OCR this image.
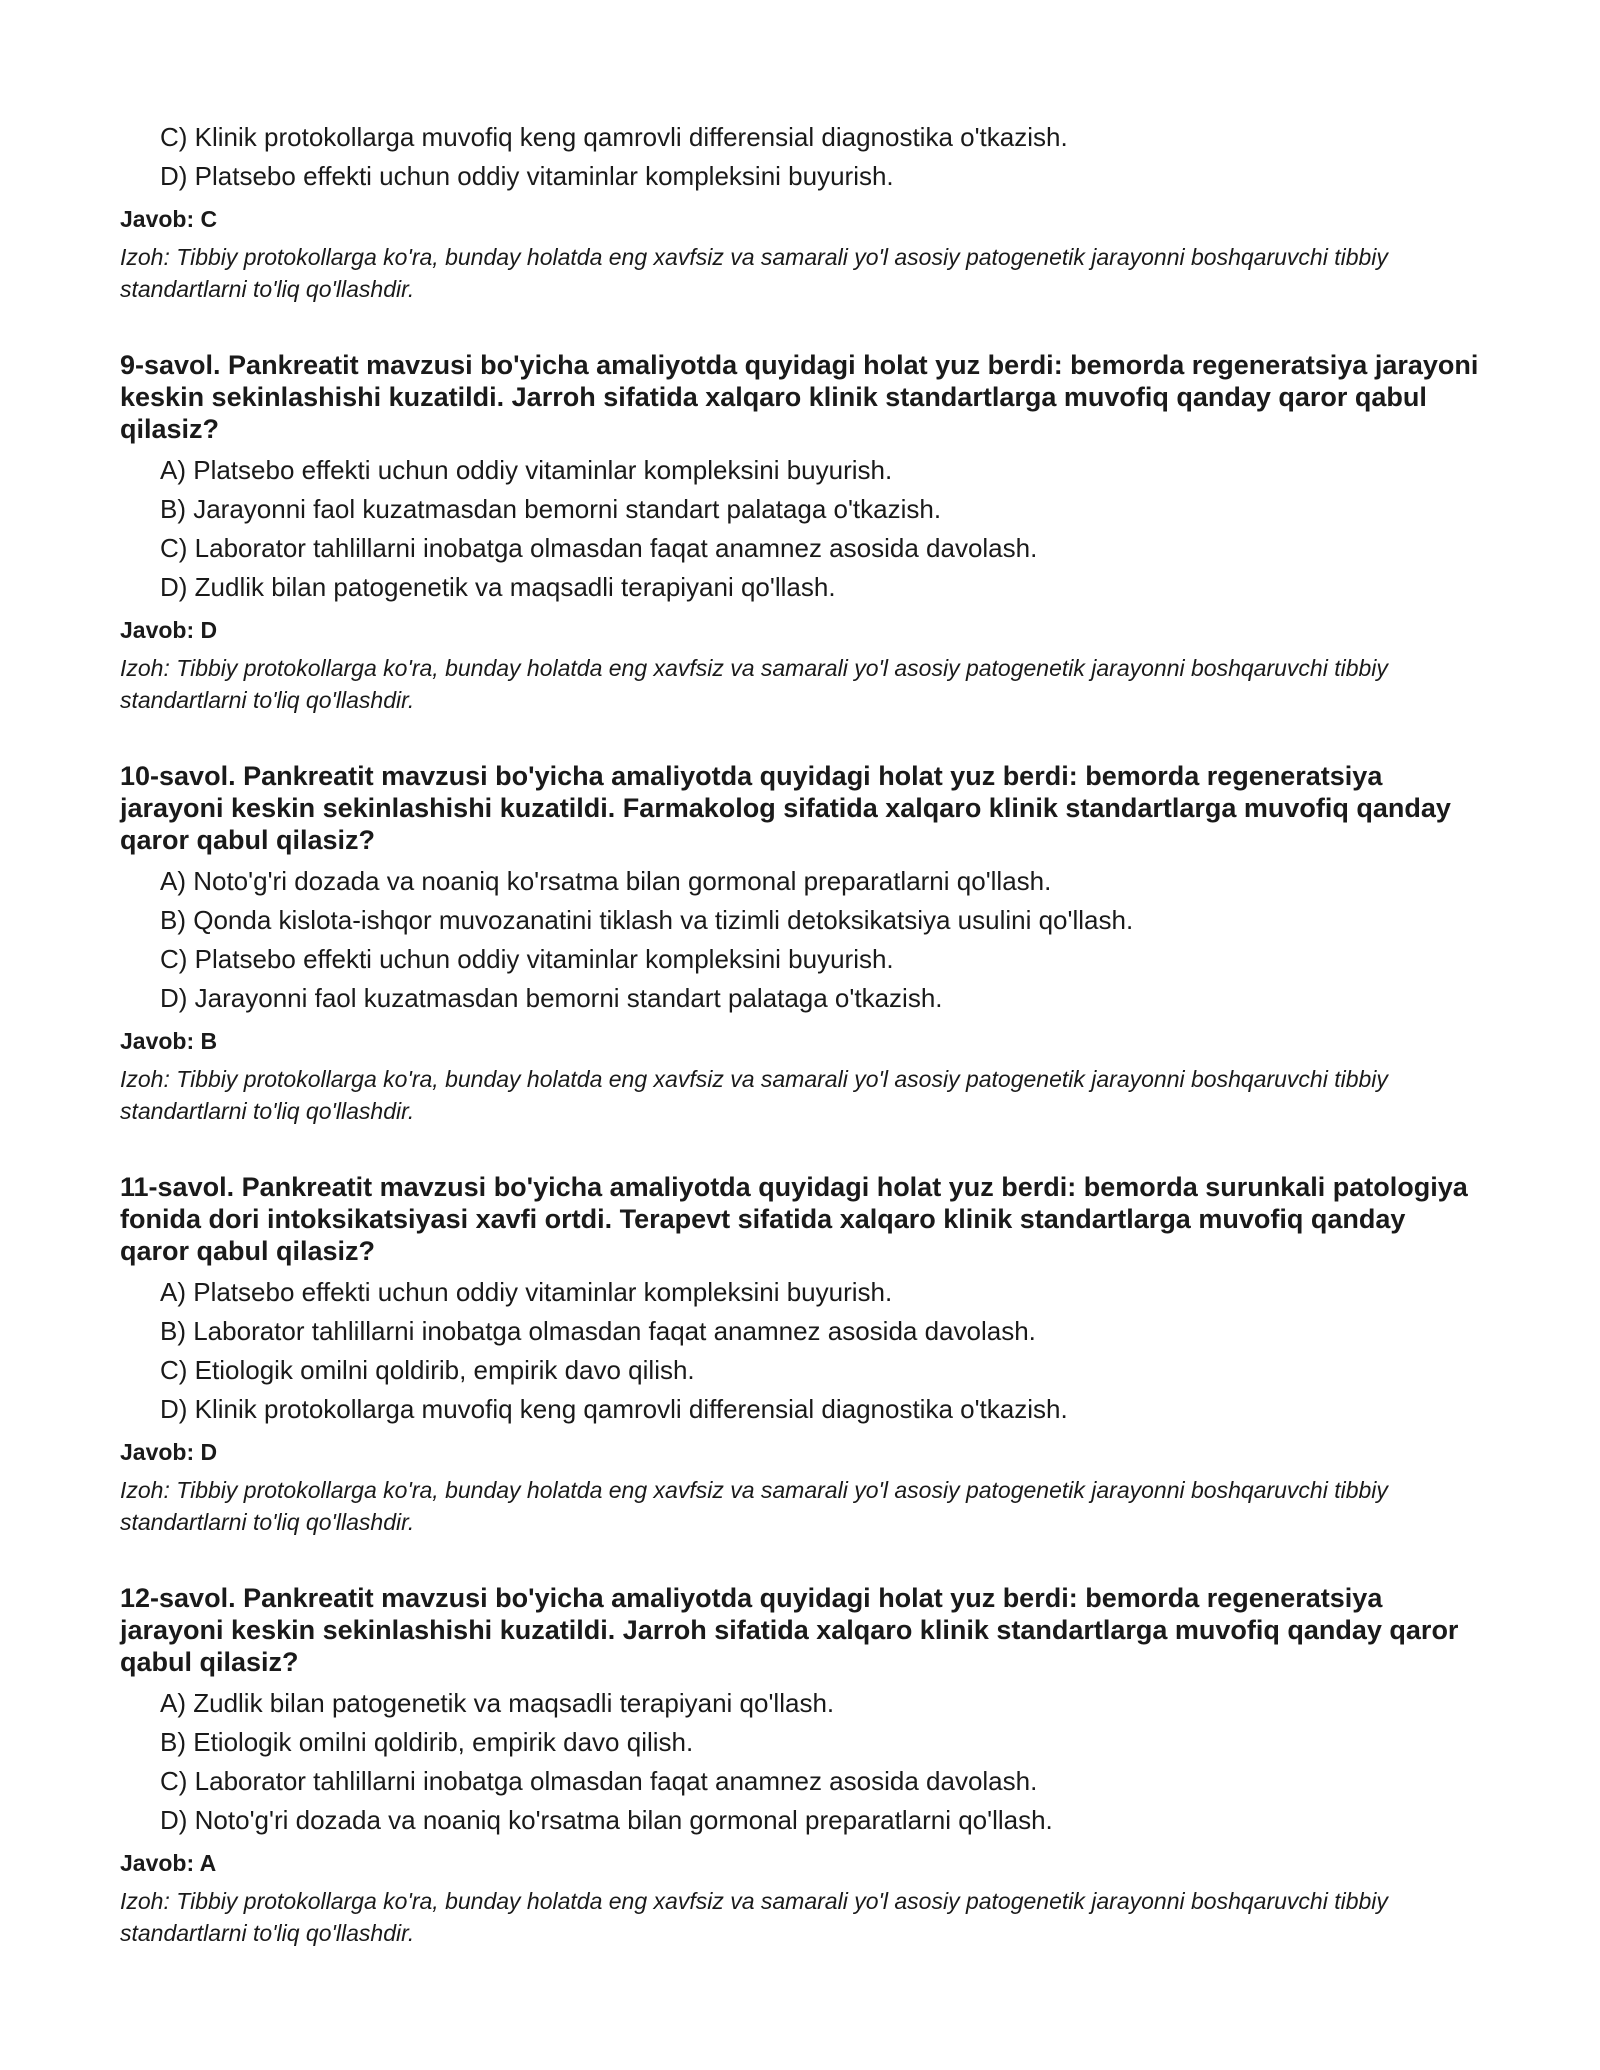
C) Klinik protokollarga muvofiq keng qamrovli differensial diagnostika o'tkazish.
D) Platsebo effekti uchun oddiy vitaminlar kompleksini buyurish.

Javob: C

Izoh: Tibbiy protokollarga ko'ra, bunday holatda eng xavfsiz va samarali yo'l asosiy patogenetik jarayonni boshqaruvchi tibbiy standartlarni to'liq qo'llashdir.

9-savol. Pankreatit mavzusi bo'yicha amaliyotda quyidagi holat yuz berdi: bemorda regeneratsiya jarayoni keskin sekinlashishi kuzatildi. Jarroh sifatida xalqaro klinik standartlarga muvofiq qanday qaror qabul qilasiz?

A) Platsebo effekti uchun oddiy vitaminlar kompleksini buyurish.
B) Jarayonni faol kuzatmasdan bemorni standart palataga o'tkazish.
C) Laborator tahlillarni inobatga olmasdan faqat anamnez asosida davolash.
D) Zudlik bilan patogenetik va maqsadli terapiyani qo'llash.

Javob: D

Izoh: Tibbiy protokollarga ko'ra, bunday holatda eng xavfsiz va samarali yo'l asosiy patogenetik jarayonni boshqaruvchi tibbiy standartlarni to'liq qo'llashdir.

10-savol. Pankreatit mavzusi bo'yicha amaliyotda quyidagi holat yuz berdi: bemorda regeneratsiya jarayoni keskin sekinlashishi kuzatildi. Farmakolog sifatida xalqaro klinik standartlarga muvofiq qanday qaror qabul qilasiz?

A) Noto'g'ri dozada va noaniq ko'rsatma bilan gormonal preparatlarni qo'llash.
B) Qonda kislota-ishqor muvozanatini tiklash va tizimli detoksikatsiya usulini qo'llash.
C) Platsebo effekti uchun oddiy vitaminlar kompleksini buyurish.
D) Jarayonni faol kuzatmasdan bemorni standart palataga o'tkazish.

Javob: B

Izoh: Tibbiy protokollarga ko'ra, bunday holatda eng xavfsiz va samarali yo'l asosiy patogenetik jarayonni boshqaruvchi tibbiy standartlarni to'liq qo'llashdir.

11-savol. Pankreatit mavzusi bo'yicha amaliyotda quyidagi holat yuz berdi: bemorda surunkali patologiya fonida dori intoksikatsiyasi xavfi ortdi. Terapevt sifatida xalqaro klinik standartlarga muvofiq qanday qaror qabul qilasiz?

A) Platsebo effekti uchun oddiy vitaminlar kompleksini buyurish.
B) Laborator tahlillarni inobatga olmasdan faqat anamnez asosida davolash.
C) Etiologik omilni qoldirib, empirik davo qilish.
D) Klinik protokollarga muvofiq keng qamrovli differensial diagnostika o'tkazish.

Javob: D

Izoh: Tibbiy protokollarga ko'ra, bunday holatda eng xavfsiz va samarali yo'l asosiy patogenetik jarayonni boshqaruvchi tibbiy standartlarni to'liq qo'llashdir.

12-savol. Pankreatit mavzusi bo'yicha amaliyotda quyidagi holat yuz berdi: bemorda regeneratsiya jarayoni keskin sekinlashishi kuzatildi. Jarroh sifatida xalqaro klinik standartlarga muvofiq qanday qaror qabul qilasiz?

A) Zudlik bilan patogenetik va maqsadli terapiyani qo'llash.
B) Etiologik omilni qoldirib, empirik davo qilish.
C) Laborator tahlillarni inobatga olmasdan faqat anamnez asosida davolash.
D) Noto'g'ri dozada va noaniq ko'rsatma bilan gormonal preparatlarni qo'llash.

Javob: A

Izoh: Tibbiy protokollarga ko'ra, bunday holatda eng xavfsiz va samarali yo'l asosiy patogenetik jarayonni boshqaruvchi tibbiy standartlarni to'liq qo'llashdir.
